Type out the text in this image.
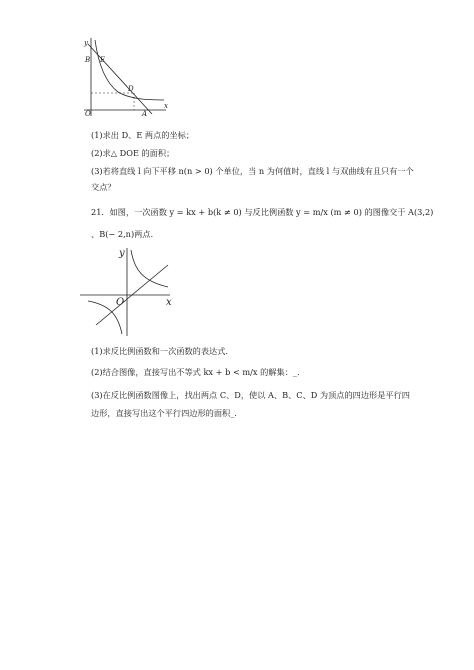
y
B E
D
O	A
x
(1)求出 D、E 两点的坐标；
(2)求△ DOE 的面积；
(3)若将直线 l 向下平移 n(n > 0) 个单位，当 n 为何值时，直线 l 与双曲线有且只有一个
交点？
21．如图，一次函数 y = kx + b(k ≠ 0) 与反比例函数 y = m/x (m ≠ 0) 的图像交于 A(3,2)
、B(− 2,n)两点.
y
O	x
(1)求反比例函数和一次函数的表达式.
(2)结合图像，直接写出不等式 kx + b < m/x 的解集：_.
(3)在反比例函数图像上，找出两点 C、D，使以 A、B、C、D 为顶点的四边形是平行四
边形，直接写出这个平行四边形的面积_.
